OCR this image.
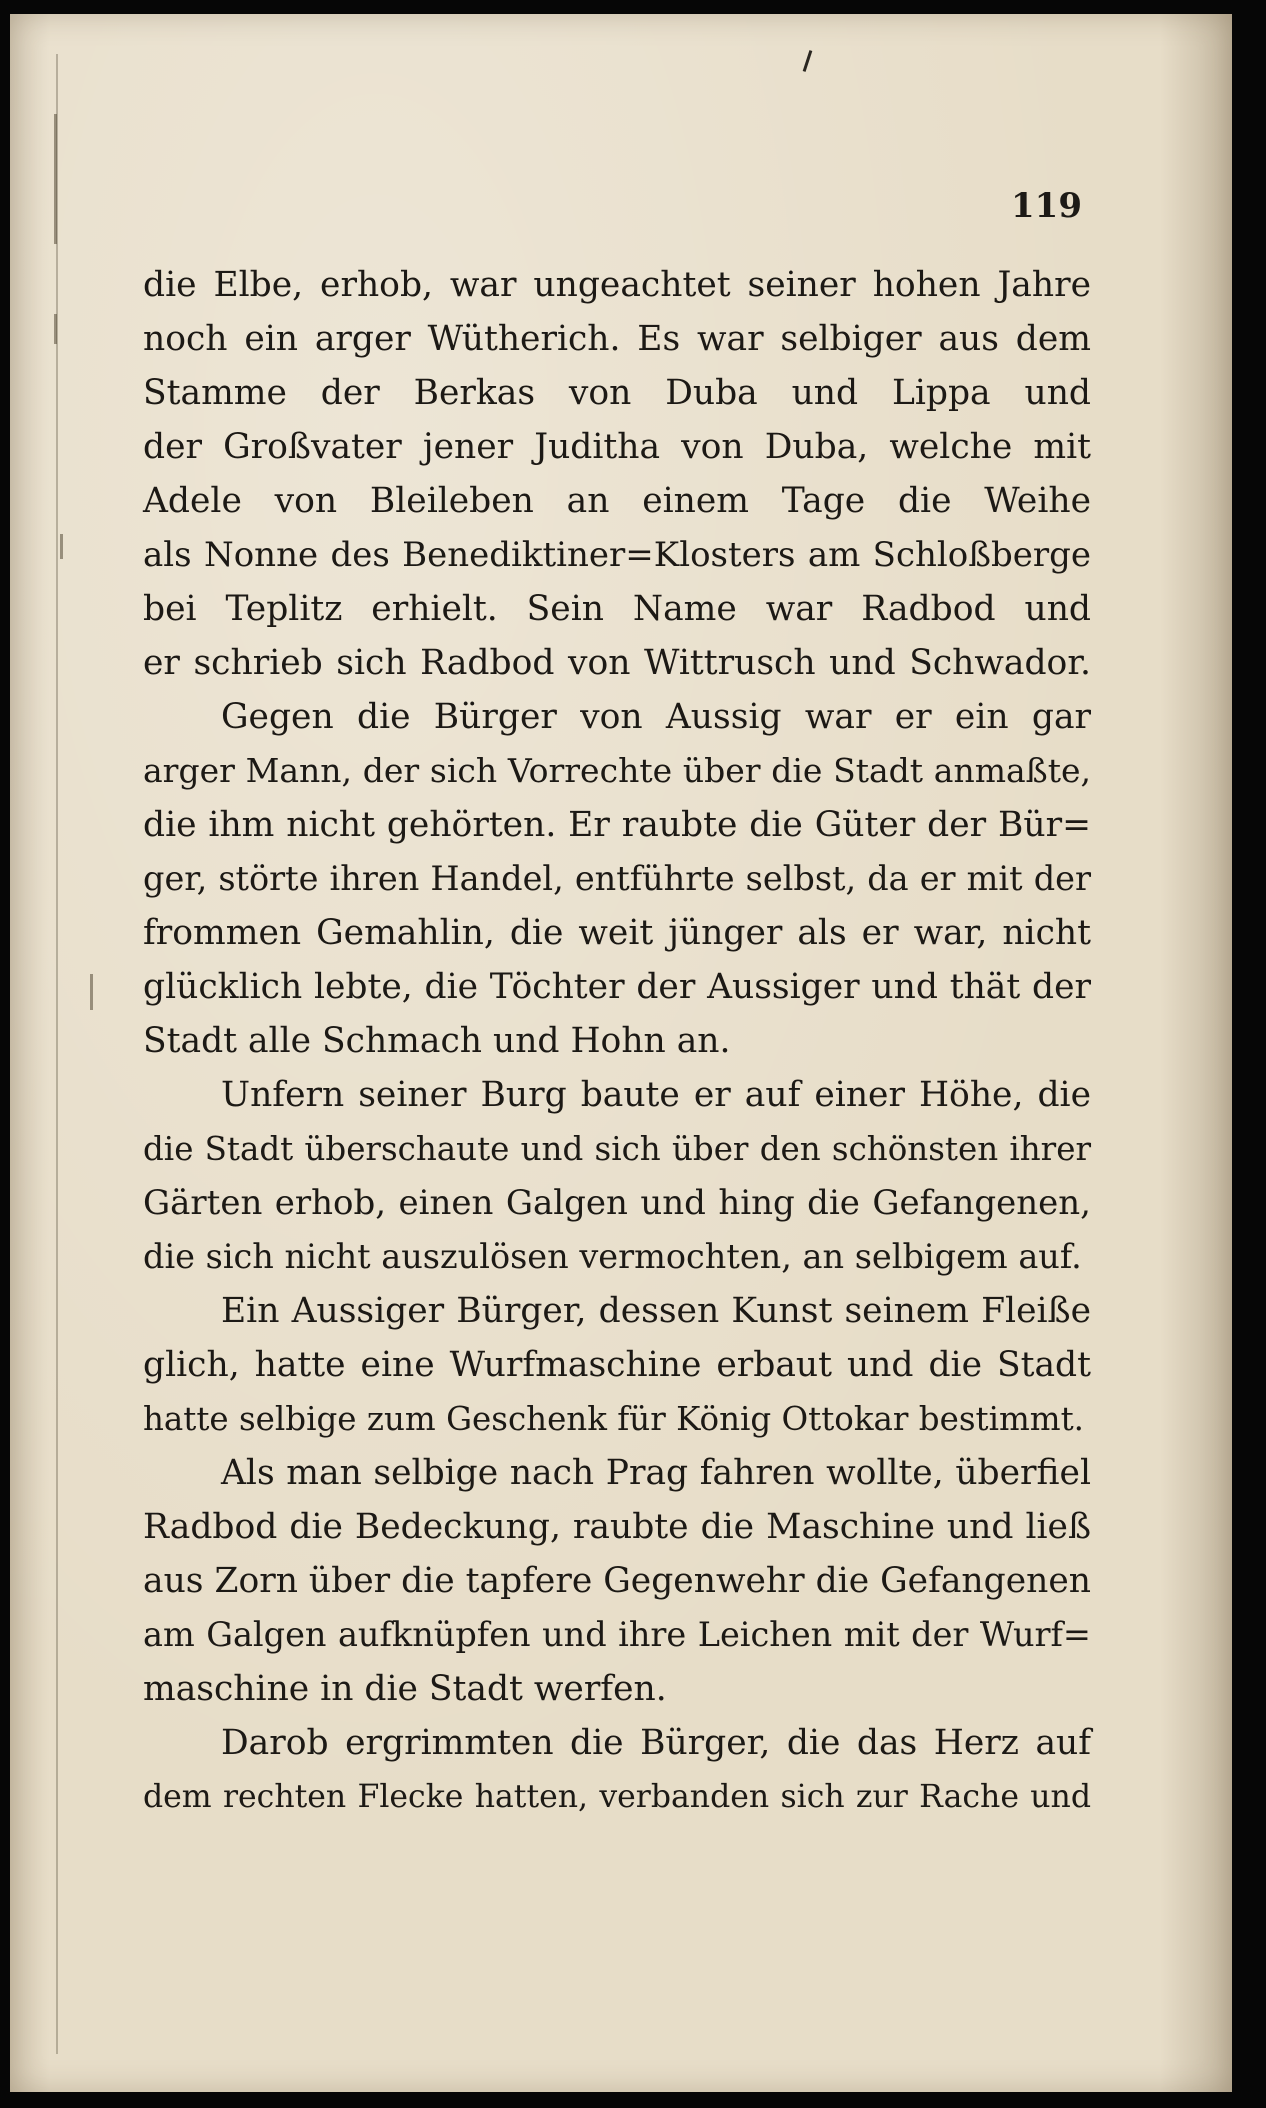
119
die Elbe, erhob, war ungeachtet seiner hohen Jahre
noch ein arger Wütherich. Es war selbiger aus dem
Stamme der Berkas von Duba und Lippa und
der Großvater jener Juditha von Duba, welche mit
Adele von Bleileben an einem Tage die Weihe
als Nonne des Benediktiner=Klosters am Schloßberge
bei Teplitz erhielt. Sein Name war Radbod und
er schrieb sich Radbod von Wittrusch und Schwador.
Gegen die Bürger von Aussig war er ein gar
arger Mann, der sich Vorrechte über die Stadt anmaßte,
die ihm nicht gehörten. Er raubte die Güter der Bür=
ger, störte ihren Handel, entführte selbst, da er mit der
frommen Gemahlin, die weit jünger als er war, nicht
glücklich lebte, die Töchter der Aussiger und thät der
Stadt alle Schmach und Hohn an.
Unfern seiner Burg baute er auf einer Höhe, die
die Stadt überschaute und sich über den schönsten ihrer
Gärten erhob, einen Galgen und hing die Gefangenen,
die sich nicht auszulösen vermochten, an selbigem auf.
Ein Aussiger Bürger, dessen Kunst seinem Fleiße
glich, hatte eine Wurfmaschine erbaut und die Stadt
hatte selbige zum Geschenk für König Ottokar bestimmt.
Als man selbige nach Prag fahren wollte, überfiel
Radbod die Bedeckung, raubte die Maschine und ließ
aus Zorn über die tapfere Gegenwehr die Gefangenen
am Galgen aufknüpfen und ihre Leichen mit der Wurf=
maschine in die Stadt werfen.
Darob ergrimmten die Bürger, die das Herz auf
dem rechten Flecke hatten, verbanden sich zur Rache und
